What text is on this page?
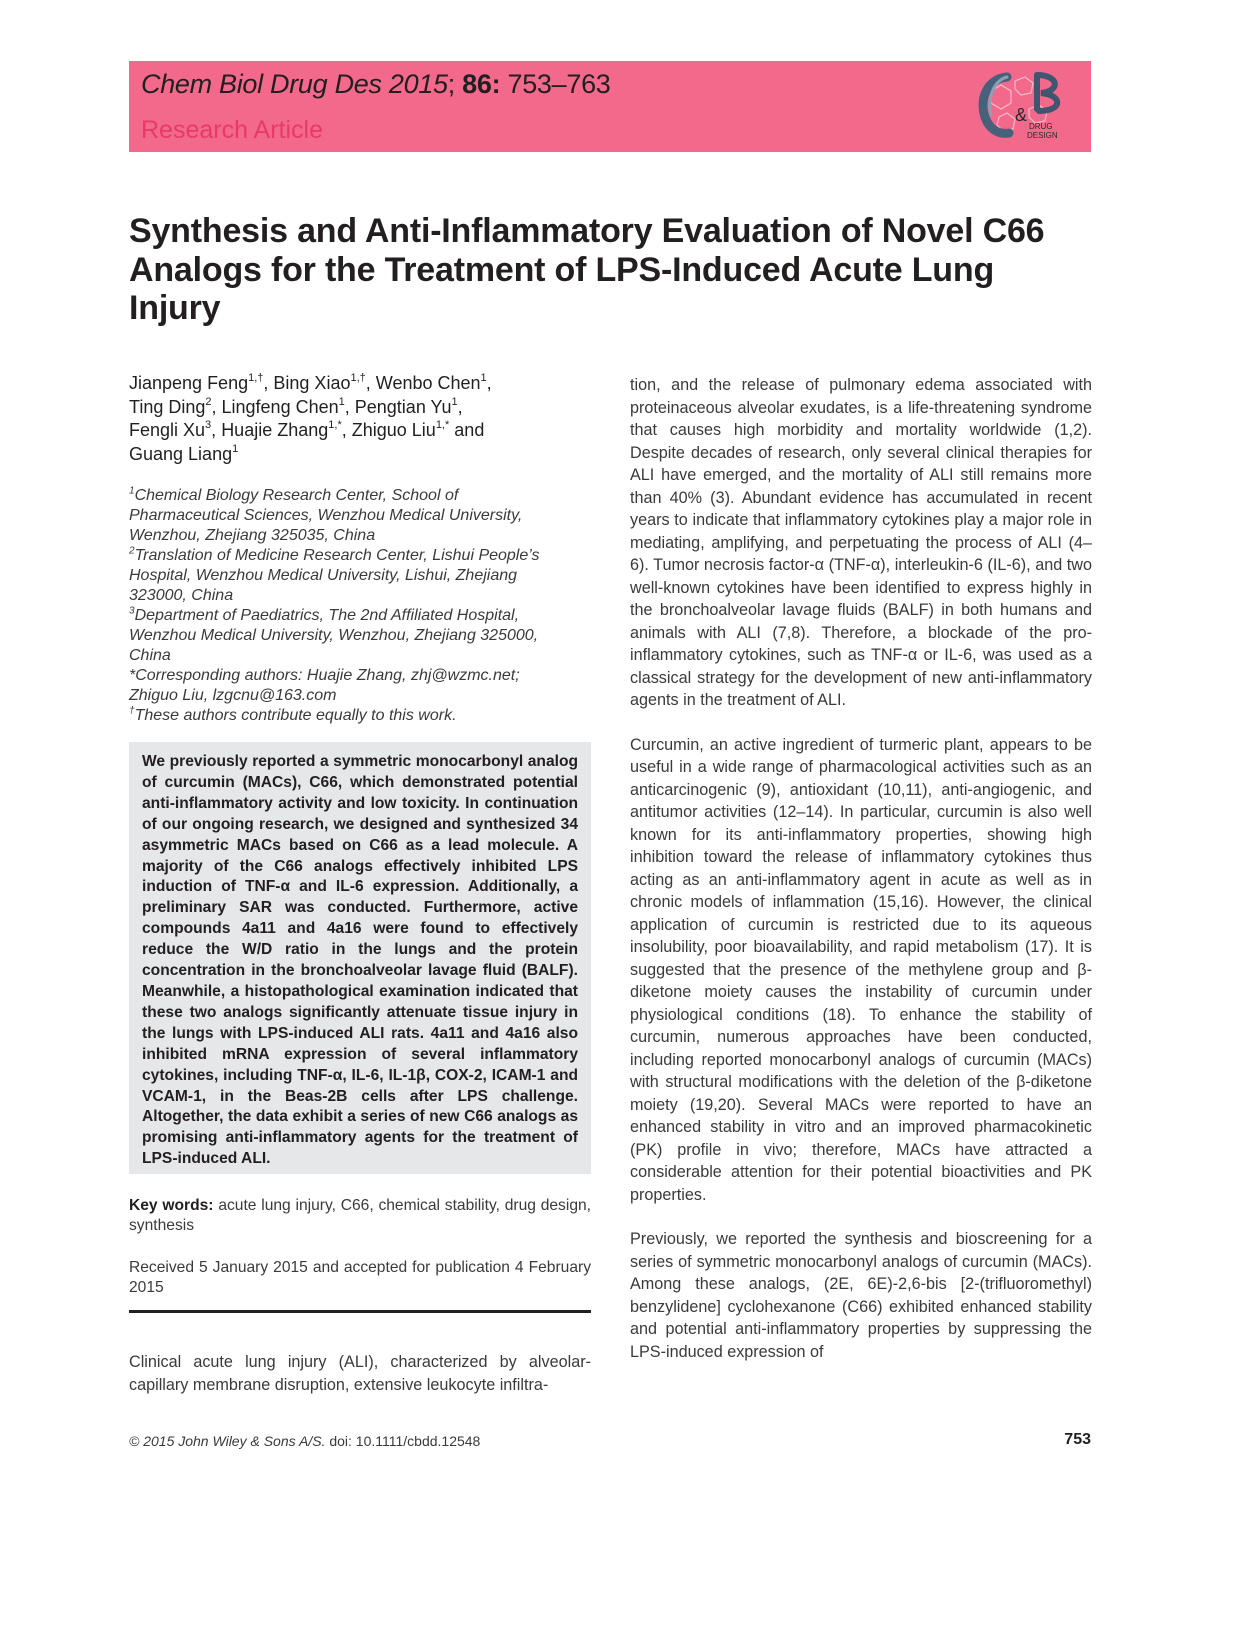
Chem Biol Drug Des 2015; 86: 753–763
Research Article
&
DRUG
DESIGN
Synthesis and Anti-Inflammatory Evaluation of Novel C66 Analogs for the Treatment of LPS-Induced Acute Lung Injury
Jianpeng Feng$^{1,\dagger}$, Bing Xiao$^{1,\dagger}$, Wenbo Chen$^1$,
Ting Ding$^2$, Lingfeng Chen$^1$, Pengtian Yu$^1$,
Fengli Xu$^3$, Huajie Zhang$^{1,*}$, Zhiguo Liu$^{1,*}$ and
Guang Liang$^1$
$^1$Chemical Biology Research Center, School of
Pharmaceutical Sciences, Wenzhou Medical University,
Wenzhou, Zhejiang 325035, China
$^2$Translation of Medicine Research Center, Lishui People’s
Hospital, Wenzhou Medical University, Lishui, Zhejiang
323000, China
$^3$Department of Paediatrics, The 2nd Affiliated Hospital,
Wenzhou Medical University, Wenzhou, Zhejiang 325000,
China
*Corresponding authors: Huajie Zhang, zhj@wzmc.net;
Zhiguo Liu, lzgcnu@163.com
†These authors contribute equally to this work.
We previously reported a symmetric monocarbonyl analog of curcumin (MACs), C66, which demonstrated potential anti-inflammatory activity and low toxicity. In continuation of our ongoing research, we designed and synthesized 34 asymmetric MACs based on C66 as a lead molecule. A majority of the C66 analogs effectively inhibited LPS induction of TNF-α and IL-6 expression. Additionally, a preliminary SAR was conducted. Furthermore, active compounds 4a11 and 4a16 were found to effectively reduce the W/D ratio in the lungs and the protein concentration in the bronchoalveolar lavage fluid (BALF). Meanwhile, a histopathological examination indicated that these two analogs significantly attenuate tissue injury in the lungs with LPS-induced ALI rats. 4a11 and 4a16 also inhibited mRNA expression of several inflammatory cytokines, including TNF-α, IL-6, IL-1β, COX-2, ICAM-1 and VCAM-1, in the Beas-2B cells after LPS challenge. Altogether, the data exhibit a series of new C66 analogs as promising anti-inflammatory agents for the treatment of LPS-induced ALI.
Key words: acute lung injury, C66, chemical stability, drug design, synthesis
Received 5 January 2015 and accepted for publication 4 February 2015
Clinical acute lung injury (ALI), characterized by alveolar-capillary membrane disruption, extensive leukocyte infiltra-

tion, and the release of pulmonary edema associated with proteinaceous alveolar exudates, is a life-threatening syndrome that causes high morbidity and mortality worldwide (1,2). Despite decades of research, only several clinical therapies for ALI have emerged, and the mortality of ALI still remains more than 40% (3). Abundant evidence has accumulated in recent years to indicate that inflammatory cytokines play a major role in mediating, amplifying, and perpetuating the process of ALI (4–6). Tumor necrosis factor-α (TNF-α), interleukin-6 (IL-6), and two well-known cytokines have been identified to express highly in the bronchoalveolar lavage fluids (BALF) in both humans and animals with ALI (7,8). Therefore, a blockade of the pro-inflammatory cytokines, such as TNF-α or IL-6, was used as a classical strategy for the development of new anti-inflammatory agents in the treatment of ALI.

Curcumin, an active ingredient of turmeric plant, appears to be useful in a wide range of pharmacological activities such as an anticarcinogenic (9), antioxidant (10,11), anti-angiogenic, and antitumor activities (12–14). In particular, curcumin is also well known for its anti-inflammatory properties, showing high inhibition toward the release of inflammatory cytokines thus acting as an anti-inflammatory agent in acute as well as in chronic models of inflammation (15,16). However, the clinical application of curcumin is restricted due to its aqueous insolubility, poor bioavailability, and rapid metabolism (17). It is suggested that the presence of the methylene group and β-diketone moiety causes the instability of curcumin under physiological conditions (18). To enhance the stability of curcumin, numerous approaches have been conducted, including reported monocarbonyl analogs of curcumin (MACs) with structural modifications with the deletion of the β-diketone moiety (19,20). Several MACs were reported to have an enhanced stability in vitro and an improved pharmacokinetic (PK) profile in vivo; therefore, MACs have attracted a considerable attention for their potential bioactivities and PK properties.

Previously, we reported the synthesis and bioscreening for a series of symmetric monocarbonyl analogs of curcumin (MACs). Among these analogs, (2E, 6E)-2,6-bis [2-(trifluoromethyl) benzylidene] cyclohexanone (C66) exhibited enhanced stability and potential anti-inflammatory properties by suppressing the LPS-induced expression of

© 2015 John Wiley & Sons A/S. doi: 10.1111/cbdd.12548	753
